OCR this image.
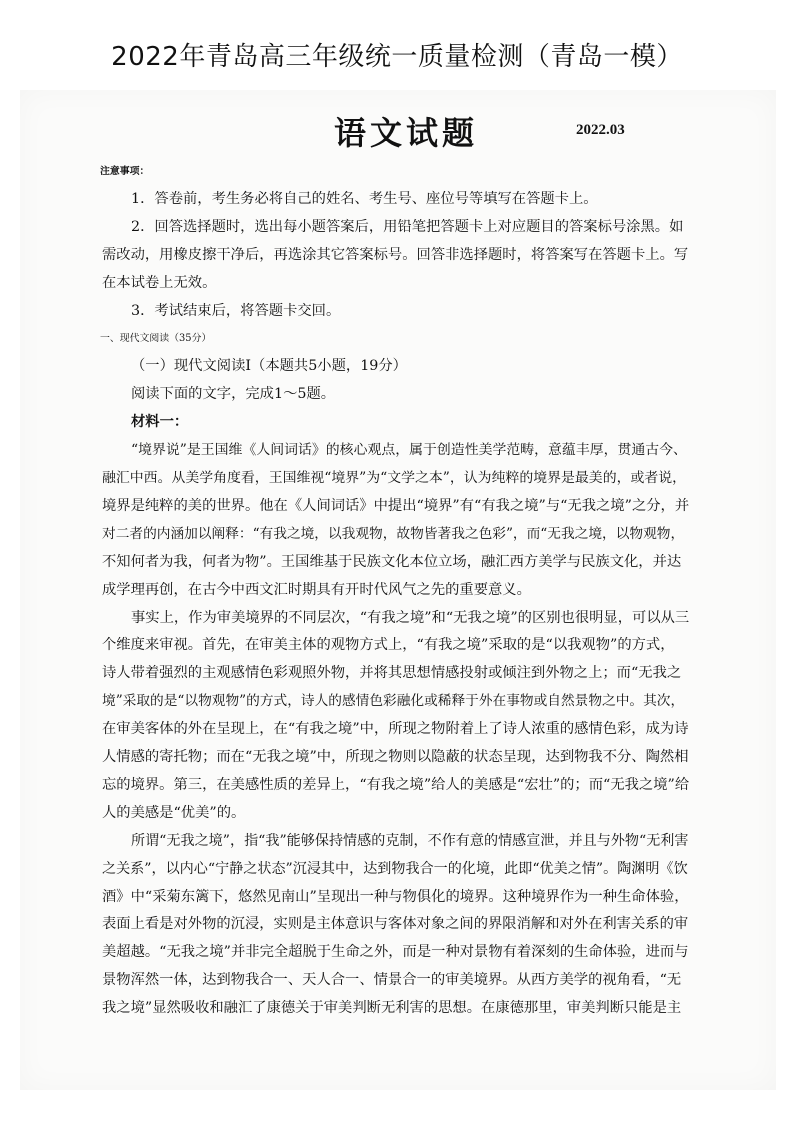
2022年青岛高三年级统一质量检测（青岛一模）
语文试题	2022.03
注意事项：
1．答卷前，考生务必将自己的姓名、考生号、座位号等填写在答题卡上。
2．回答选择题时，选出每小题答案后，用铅笔把答题卡上对应题目的答案标号涂黑。如
需改动，用橡皮擦干净后，再选涂其它答案标号。回答非选择题时，将答案写在答题卡上。写
在本试卷上无效。
3．考试结束后，将答题卡交回。
一、现代文阅读（35分）
（一）现代文阅读Ⅰ（本题共5小题，19分）
阅读下面的文字，完成1～5题。
材料一：
“境界说”是王国维《人间词话》的核心观点，属于创造性美学范畴，意蕴丰厚，贯通古今、
融汇中西。从美学角度看，王国维视“境界”为“文学之本”，认为纯粹的境界是最美的，或者说，
境界是纯粹的美的世界。他在《人间词话》中提出“境界”有“有我之境”与“无我之境”之分，并
对二者的内涵加以阐释：“有我之境，以我观物，故物皆著我之色彩”，而“无我之境，以物观物，
不知何者为我，何者为物”。王国维基于民族文化本位立场，融汇西方美学与民族文化，并达
成学理再创，在古今中西文汇时期具有开时代风气之先的重要意义。
事实上，作为审美境界的不同层次，“有我之境”和“无我之境”的区别也很明显，可以从三
个维度来审视。首先，在审美主体的观物方式上，“有我之境”采取的是“以我观物”的方式，
诗人带着强烈的主观感情色彩观照外物，并将其思想情感投射或倾注到外物之上；而“无我之
境”采取的是“以物观物”的方式，诗人的感情色彩融化或稀释于外在事物或自然景物之中。其次，
在审美客体的外在呈现上，在“有我之境”中，所现之物附着上了诗人浓重的感情色彩，成为诗
人情感的寄托物；而在“无我之境”中，所现之物则以隐蔽的状态呈现，达到物我不分、陶然相
忘的境界。第三，在美感性质的差异上，“有我之境”给人的美感是“宏壮”的；而“无我之境”给
人的美感是“优美”的。
所谓“无我之境”，指“我”能够保持情感的克制，不作有意的情感宣泄，并且与外物“无利害
之关系”，以内心“宁静之状态”沉浸其中，达到物我合一的化境，此即“优美之情”。陶渊明《饮
酒》中“采菊东篱下，悠然见南山”呈现出一种与物俱化的境界。这种境界作为一种生命体验，
表面上看是对外物的沉浸，实则是主体意识与客体对象之间的界限消解和对外在利害关系的审
美超越。“无我之境”并非完全超脱于生命之外，而是一种对景物有着深刻的生命体验，进而与
景物浑然一体，达到物我合一、天人合一、情景合一的审美境界。从西方美学的视角看，“无
我之境”显然吸收和融汇了康德关于审美判断无利害的思想。在康德那里，审美判断只能是主
